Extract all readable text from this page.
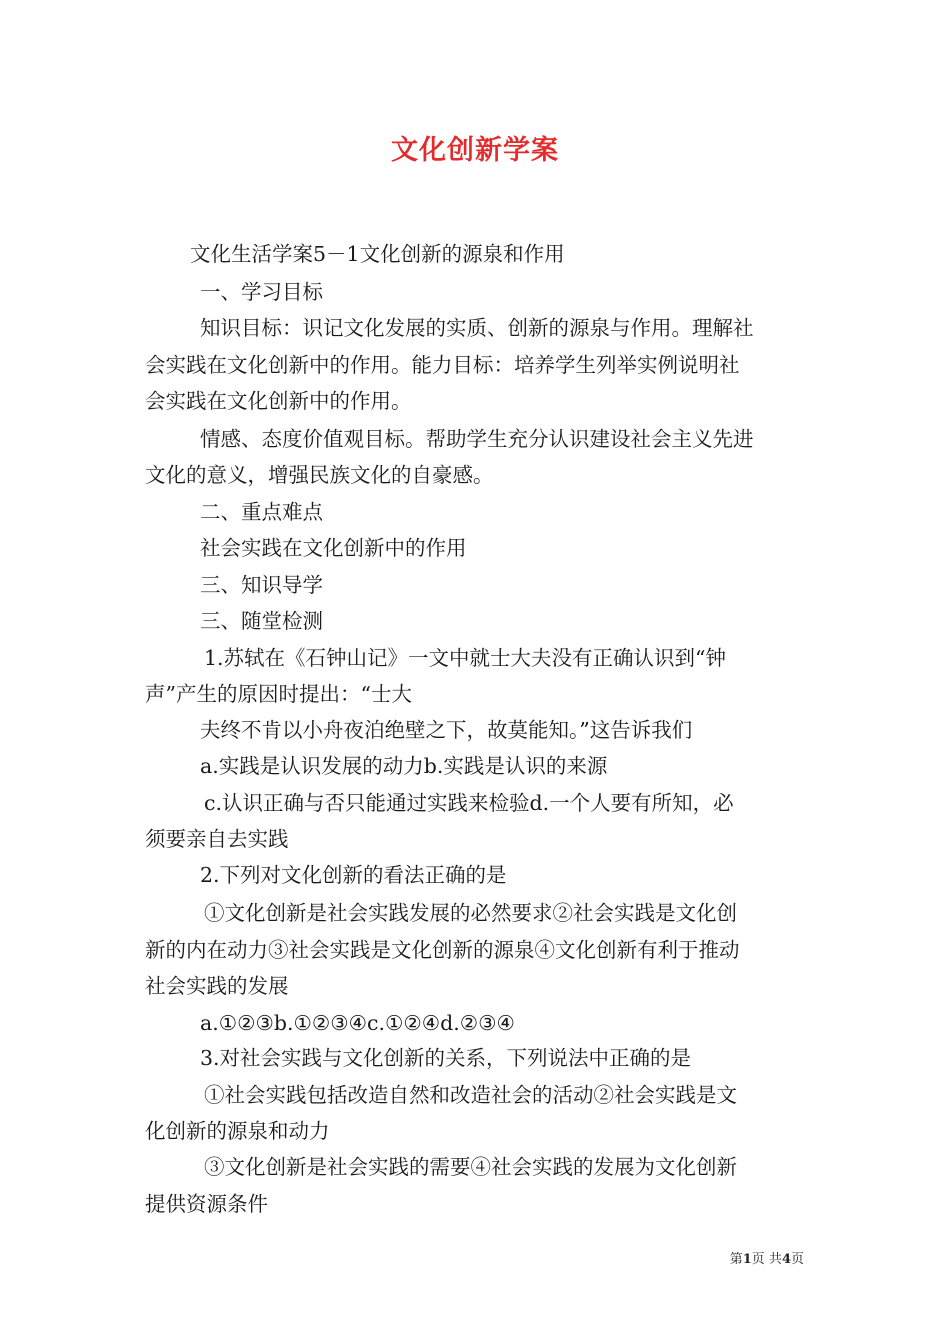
文化创新学案
文化生活学案5－1文化创新的源泉和作用
一、学习目标
知识目标：识记文化发展的实质、创新的源泉与作用。理解社
会实践在文化创新中的作用。能力目标：培养学生列举实例说明社
会实践在文化创新中的作用。
情感、态度价值观目标。帮助学生充分认识建设社会主义先进
文化的意义，增强民族文化的自豪感。
二、重点难点
社会实践在文化创新中的作用
三、知识导学
三、随堂检测
1.苏轼在《石钟山记》一文中就士大夫没有正确认识到“钟
声”产生的原因时提出：“士大
夫终不肯以小舟夜泊绝壁之下，故莫能知。”这告诉我们
a.实践是认识发展的动力b.实践是认识的来源
c.认识正确与否只能通过实践来检验d.一个人要有所知，必
须要亲自去实践
2.下列对文化创新的看法正确的是
①文化创新是社会实践发展的必然要求②社会实践是文化创
新的内在动力③社会实践是文化创新的源泉④文化创新有利于推动
社会实践的发展
a.①②③b.①②③④c.①②④d.②③④
3.对社会实践与文化创新的关系，下列说法中正确的是
①社会实践包括改造自然和改造社会的活动②社会实践是文
化创新的源泉和动力
③文化创新是社会实践的需要④社会实践的发展为文化创新
提供资源条件
第1页 共4页
